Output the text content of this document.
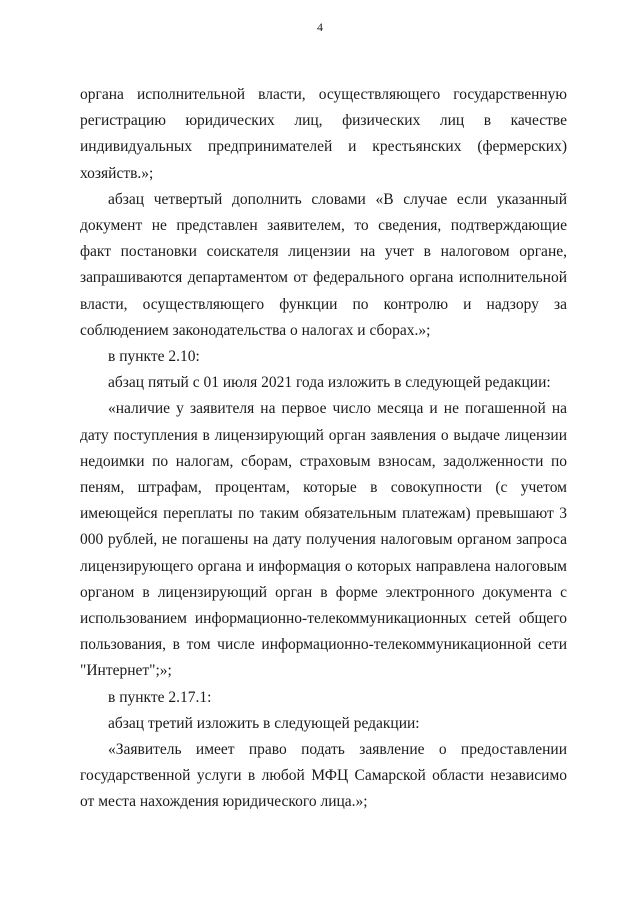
4

органа исполнительной власти, осуществляющего государственную регистрацию юридических лиц, физических лиц в качестве индивидуальных предпринимателей и крестьянских (фермерских) хозяйств.»;

абзац четвертый дополнить словами «В случае если указанный документ не представлен заявителем, то сведения, подтверждающие факт постановки соискателя лицензии на учет в налоговом органе, запрашиваются департаментом от федерального органа исполнительной власти, осуществляющего функции по контролю и надзору за соблюдением законодательства о налогах и сборах.»;

в пункте 2.10:

абзац пятый с 01 июля 2021 года изложить в следующей редакции:

«наличие у заявителя на первое число месяца и не погашенной на дату поступления в лицензирующий орган заявления о выдаче лицензии недоимки по налогам, сборам, страховым взносам, задолженности по пеням, штрафам, процентам, которые в совокупности (с учетом имеющейся переплаты по таким обязательным платежам) превышают 3 000 рублей, не погашены на дату получения налоговым органом запроса лицензирующего органа и информация о которых направлена налоговым органом в лицензирующий орган в форме электронного документа с использованием информационно-телекоммуникационных сетей общего пользования, в том числе информационно-телекоммуникационной сети "Интернет";»;

в пункте 2.17.1:

абзац третий изложить в следующей редакции:

«Заявитель имеет право подать заявление о предоставлении государственной услуги в любой МФЦ Самарской области независимо от места нахождения юридического лица.»;
